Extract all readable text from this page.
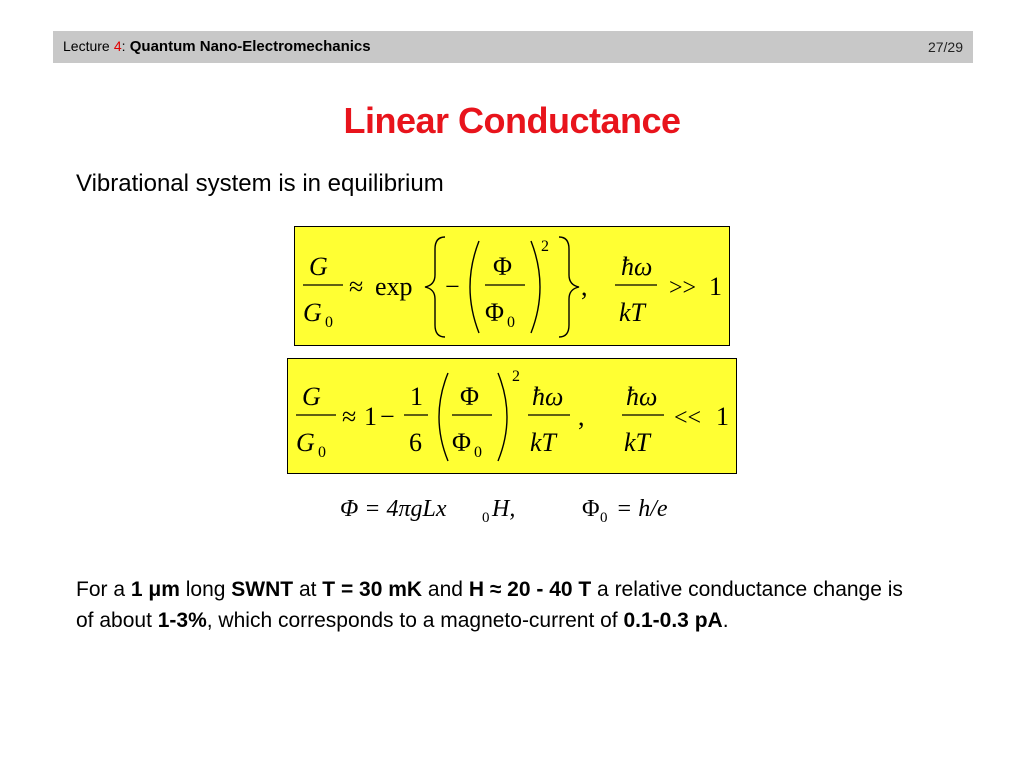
Lecture 4: Quantum Nano-Electromechanics	27/29
Linear Conductance
Vibrational system is in equilibrium
G
G 0
≈ exp −
Φ
Φ 0
2
,
ħω
kT
>> 1
G
G 0
≈ 1 −
1
6
Φ
Φ 0
2
ħω
kT
,
ħω
kT
<< 1
Φ = 4πgLx 0 H,	Φ 0 = h/e
For a 1 μm long SWNT at T = 30 mK and H ≈ 20 - 40 T a relative conductance change is of about 1-3%, which corresponds to a magneto-current of 0.1-0.3 pA.
